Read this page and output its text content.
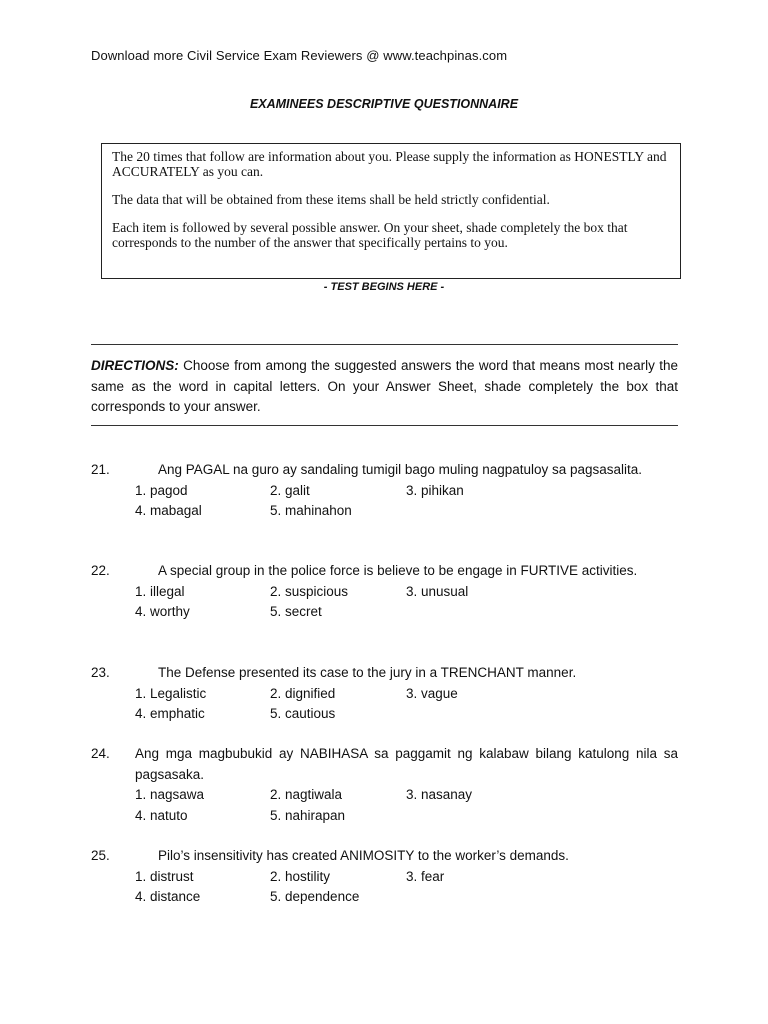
Download more Civil Service Exam Reviewers @ www.teachpinas.com
EXAMINEES DESCRIPTIVE QUESTIONNAIRE
- TEST BEGINS HERE -

The 20 times that follow are information about you. Please supply the information as HONESTLY and ACCURATELY as you can.

The data that will be obtained from these items shall be held strictly confidential.

Each item is followed by several possible answer. On your sheet, shade completely the box that corresponds to the number of the answer that specifically pertains to you.

DIRECTIONS: Choose from among the suggested answers the word that means most nearly the same as the word in capital letters. On your Answer Sheet, shade completely the box that corresponds to your answer.
21.	Ang PAGAL na guro ay sandaling tumigil bago muling nagpatuloy sa pagsasalita.
1. pagod	2. galit	3. pihikan
4. mabagal	5. mahinahon
22.	A special group in the police force is believe to be engage in FURTIVE activities.
1. illegal	2. suspicious	3. unusual
4. worthy	5. secret
23.	The Defense presented its case to the jury in a TRENCHANT manner.
1. Legalistic	2. dignified	3. vague
4. emphatic	5. cautious
24. Ang mga magbubukid ay NABIHASA sa paggamit ng kalabaw bilang katulong nila sa pagsasaka.
1. nagsawa	2. nagtiwala	3. nasanay
4. natuto	5. nahirapan
25.	Pilo’s insensitivity has created ANIMOSITY to the worker’s demands.
1. distrust	2. hostility	3. fear
4. distance	5. dependence
